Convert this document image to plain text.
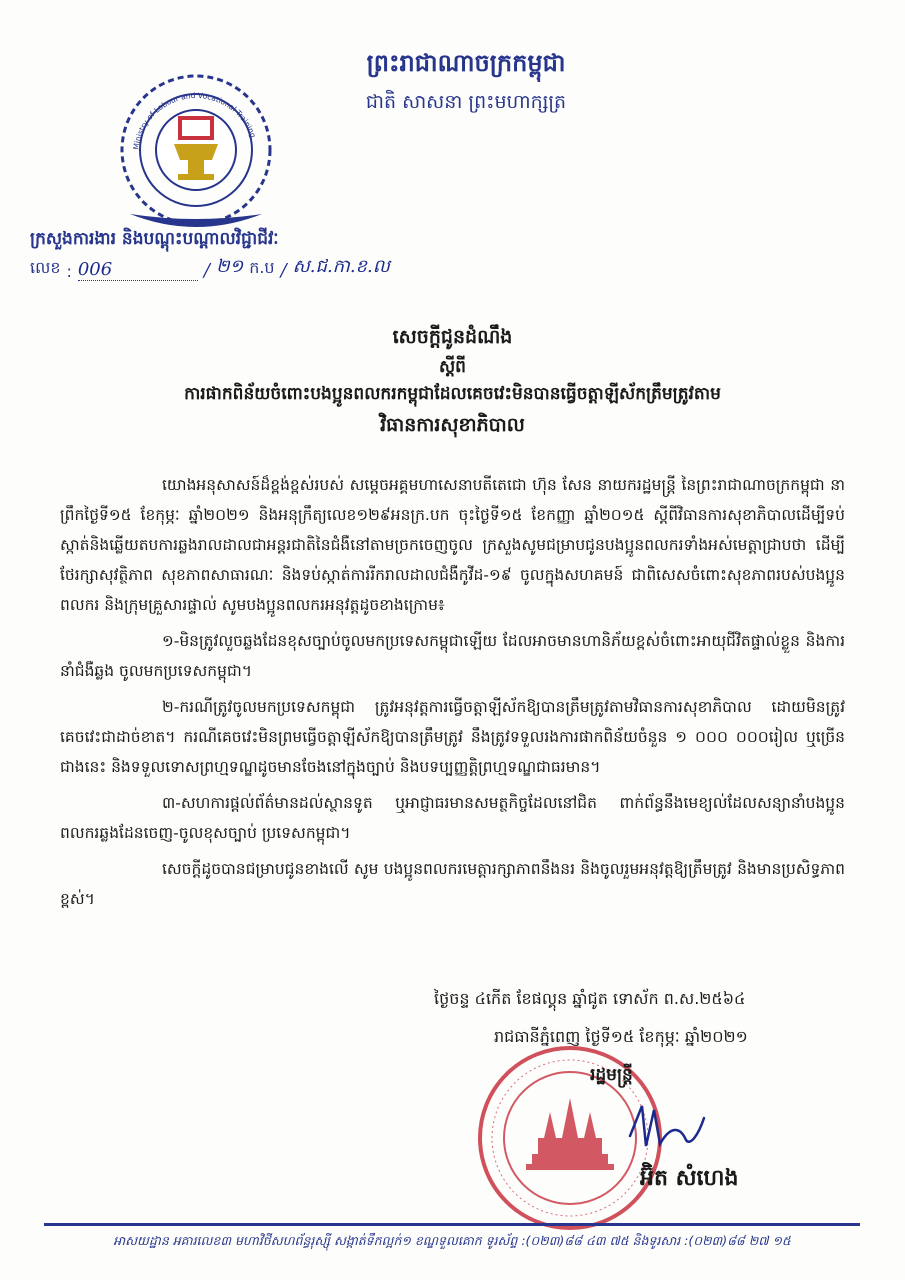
Ministry of Labour and Vocational Training
ព្រះរាជាណាចក្រកម្ពុជា
ជាតិ សាសនា ព្រះមហាក្សត្រ
ក្រសួងការងារ និងបណ្តុះបណ្តាលវិជ្ជាជីវៈ
លេខ : 006	/ ២១ ក.ប / ស.ជ.កា.ខ.ល
សេចក្តីជូនដំណឹង
ស្តីពី
ការផាកពិន័យចំពោះបងប្អូនពលករកម្ពុជាដែលគេចវេះមិនបានធ្វើចត្តាឡីស័កត្រឹមត្រូវតាម
វិធានការសុខាភិបាល

យោងអនុសាសន៍ដ៏ខ្ពង់ខ្ពស់របស់ សម្តេចអគ្គមហាសេនាបតីតេជោ ហ៊ុន សែន នាយករដ្ឋមន្ត្រី នៃព្រះរាជាណាចក្រកម្ពុជា នាព្រឹកថ្ងៃទី១៥ ខែកុម្ភៈ ឆ្នាំ២០២១ និងអនុក្រឹត្យលេខ១២៩អនក្រ.បក ចុះថ្ងៃទី១៥ ខែកញ្ញា ឆ្នាំ២០១៥ ស្តីពីវិធានការសុខាភិបាលដើម្បីទប់ស្កាត់និងឆ្លើយតបការឆ្លងរាលដាលជាអន្តរជាតិនៃជំងឺនៅតាមច្រកចេញចូល ក្រសួងសូមជម្រាបជូនបងប្អូនពលករទាំងអស់មេត្តាជ្រាបថា ដើម្បីថែរក្សាសុវត្ថិភាព សុខភាពសាធារណៈ និងទប់ស្កាត់ការរីករាលដាលជំងឺកូវីដ-១៩ ចូលក្នុងសហគមន៍ ជាពិសេសចំពោះសុខភាពរបស់បងប្អូនពលករ និងក្រុមគ្រួសារផ្ទាល់ សូមបងប្អូនពលករអនុវត្តដូចខាងក្រោម៖

១-មិនត្រូវលួចឆ្លងដែនខុសច្បាប់ចូលមកប្រទេសកម្ពុជាឡើយ ដែលអាចមានហានិភ័យខ្ពស់ចំពោះអាយុជីវិតផ្ទាល់ខ្លួន និងការនាំជំងឺឆ្លង ចូលមកប្រទេសកម្ពុជា។

២-ករណីត្រូវចូលមកប្រទេសកម្ពុជា ត្រូវអនុវត្តការធ្វើចត្តាឡីស័កឱ្យបានត្រឹមត្រូវតាមវិធានការសុខាភិបាល ដោយមិនត្រូវគេចវេះជាដាច់ខាត។ ករណីគេចវេះមិនព្រមធ្វើចត្តាឡីស័កឱ្យបានត្រឹមត្រូវ នឹងត្រូវទទួលរងការផាកពិន័យចំនួន ១ ០០០ ០០០រៀល ឬច្រើនជាងនេះ និងទទួលទោសព្រហ្មទណ្ឌដូចមានចែងនៅក្នុងច្បាប់ និងបទប្បញ្ញត្តិព្រហ្មទណ្ឌជាធរមាន។

៣-សហការផ្តល់ព័ត៌មានដល់ស្ថានទូត ឬអាជ្ញាធរមានសមត្ថកិច្ចដែលនៅជិត ពាក់ព័ន្ធនឹងមេខ្យល់ដែលសន្យានាំបងប្អូនពលករឆ្លងដែនចេញ-ចូលខុសច្បាប់ ប្រទេសកម្ពុជា។

សេចក្តីដូចបានជម្រាបជូនខាងលើ សូម បងប្អូនពលករមេត្តារក្សាភាពនឹងនរ និងចូលរួមអនុវត្តឱ្យត្រឹមត្រូវ និងមានប្រសិទ្ធភាពខ្ពស់។

ថ្ងៃចន្ទ ៤កើត ខែផល្គុន ឆ្នាំជូត ទោស័ក ព.ស.២៥៦៤
រាជធានីភ្នំពេញ ថ្ងៃទី១៥ ខែកុម្ភៈ ឆ្នាំ២០២១
រដ្ឋមន្ត្រី
អ៊ិត សំហេង
អាសយដ្ឋាន អគារលេខ៣ មហាវិថីសហព័ន្ធរុស្ស៊ី សង្កាត់ទឹកល្អក់១ ខណ្ឌទួលគោក ទូរស័ព្ទ :(០២៣)៨៨ ៤៣ ៧៥ និងទូរសារ :(០២៣)៨៨ ២៧ ១៥
